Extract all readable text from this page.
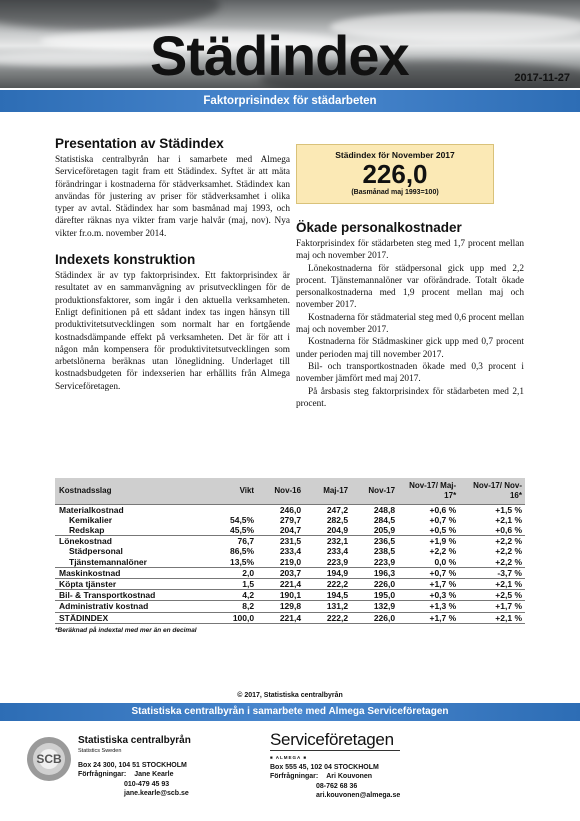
Städindex	2017-11-27
Faktorprisindex för städarbeten
Presentation av Städindex

Statistiska centralbyrån har i samarbete med Almega Serviceföretagen tagit fram ett Städindex. Syftet är att mäta förändringar i kostnaderna för städverksamhet. Städindex kan användas för justering av priser för städverksamhet i olika typer av avtal. Städindex har som basmånad maj 1993, och därefter räknas nya vikter fram varje halvår (maj, nov). Nya vikter fr.o.m. november 2014.

Indexets konstruktion

Städindex är av typ faktorprisindex. Ett faktorprisindex är resultatet av en sammanvägning av prisutvecklingen för de produktionsfaktorer, som ingår i den aktuella verksamheten. Enligt definitionen på ett sådant index tas ingen hänsyn till produktivitetsutvecklingen som normalt har en fortgående kostnadsdämpande effekt på verksamheten. Det är för att i någon mån kompensera för produktivitetsutvecklingen som arbetslönerna beräknas utan löneglidning. Underlaget till kostnadsbudgeten för indexserien har erhållits från Almega Serviceföretagen.

Städindex för November 2017
226,0
(Basmånad maj 1993=100)
Ökade personalkostnader

Faktorprisindex för städarbeten steg med 1,7 procent mellan maj och november 2017.

Lönekostnaderna för städpersonal gick upp med 2,2 procent. Tjänstemannalöner var oförändrade. Totalt ökade personalkostnaderna med 1,9 procent mellan maj och november 2017.

Kostnaderna för städmaterial steg med 0,6 procent mellan maj och november 2017.

Kostnaderna för Städmaskiner gick upp med 0,7 procent under perioden maj till november 2017.

Bil- och transportkostnaden ökade med 0,3 procent i november jämfört med maj 2017.

På årsbasis steg faktorprisindex för städarbeten med 2,1 procent.

Kostnadsslag	Vikt	Nov-16	Maj-17	Nov-17	Nov-17/ Maj-17*	Nov-17/ Nov-16*
Materialkostnad		246,0	247,2	248,8	+0,6 %	+1,5 %
Kemikalier	54,5%	279,7	282,5	284,5	+0,7 %	+2,1 %
Redskap	45,5%	204,7	204,9	205,9	+0,5 %	+0,6 %
Lönekostnad	76,7	231,5	232,1	236,5	+1,9 %	+2,2 %
Städpersonal	86,5%	233,4	233,4	238,5	+2,2 %	+2,2 %
Tjänstemannalöner	13,5%	219,0	223,9	223,9	0,0 %	+2,2 %
Maskinkostnad	2,0	203,7	194,9	196,3	+0,7 %	-3,7 %
Köpta tjänster	1,5	221,4	222,2	226,0	+1,7 %	+2,1 %
Bil- & Transportkostnad	4,2	190,1	194,5	195,0	+0,3 %	+2,5 %
Administrativ kostnad	8,2	129,8	131,2	132,9	+1,3 %	+1,7 %
STÄDINDEX	100,0	221,4	222,2	226,0	+1,7 %	+2,1 %
*Beräknad på indextal med mer än en decimal
© 2017, Statistiska centralbyrån
Statistiska centralbyrån i samarbete med Almega Serviceföretagen
SCB
Statistiska centralbyrån
Statistics Sweden
Box 24 300, 104 51 STOCKHOLM
Förfrågningar: Jane Kearle
010-479 45 93
jane.kearle@scb.se
Serviceföretagen
■ ALMEGA ■
Box 555 45, 102 04 STOCKHOLM
Förfrågningar: Ari Kouvonen
08-762 68 36
ari.kouvonen@almega.se
